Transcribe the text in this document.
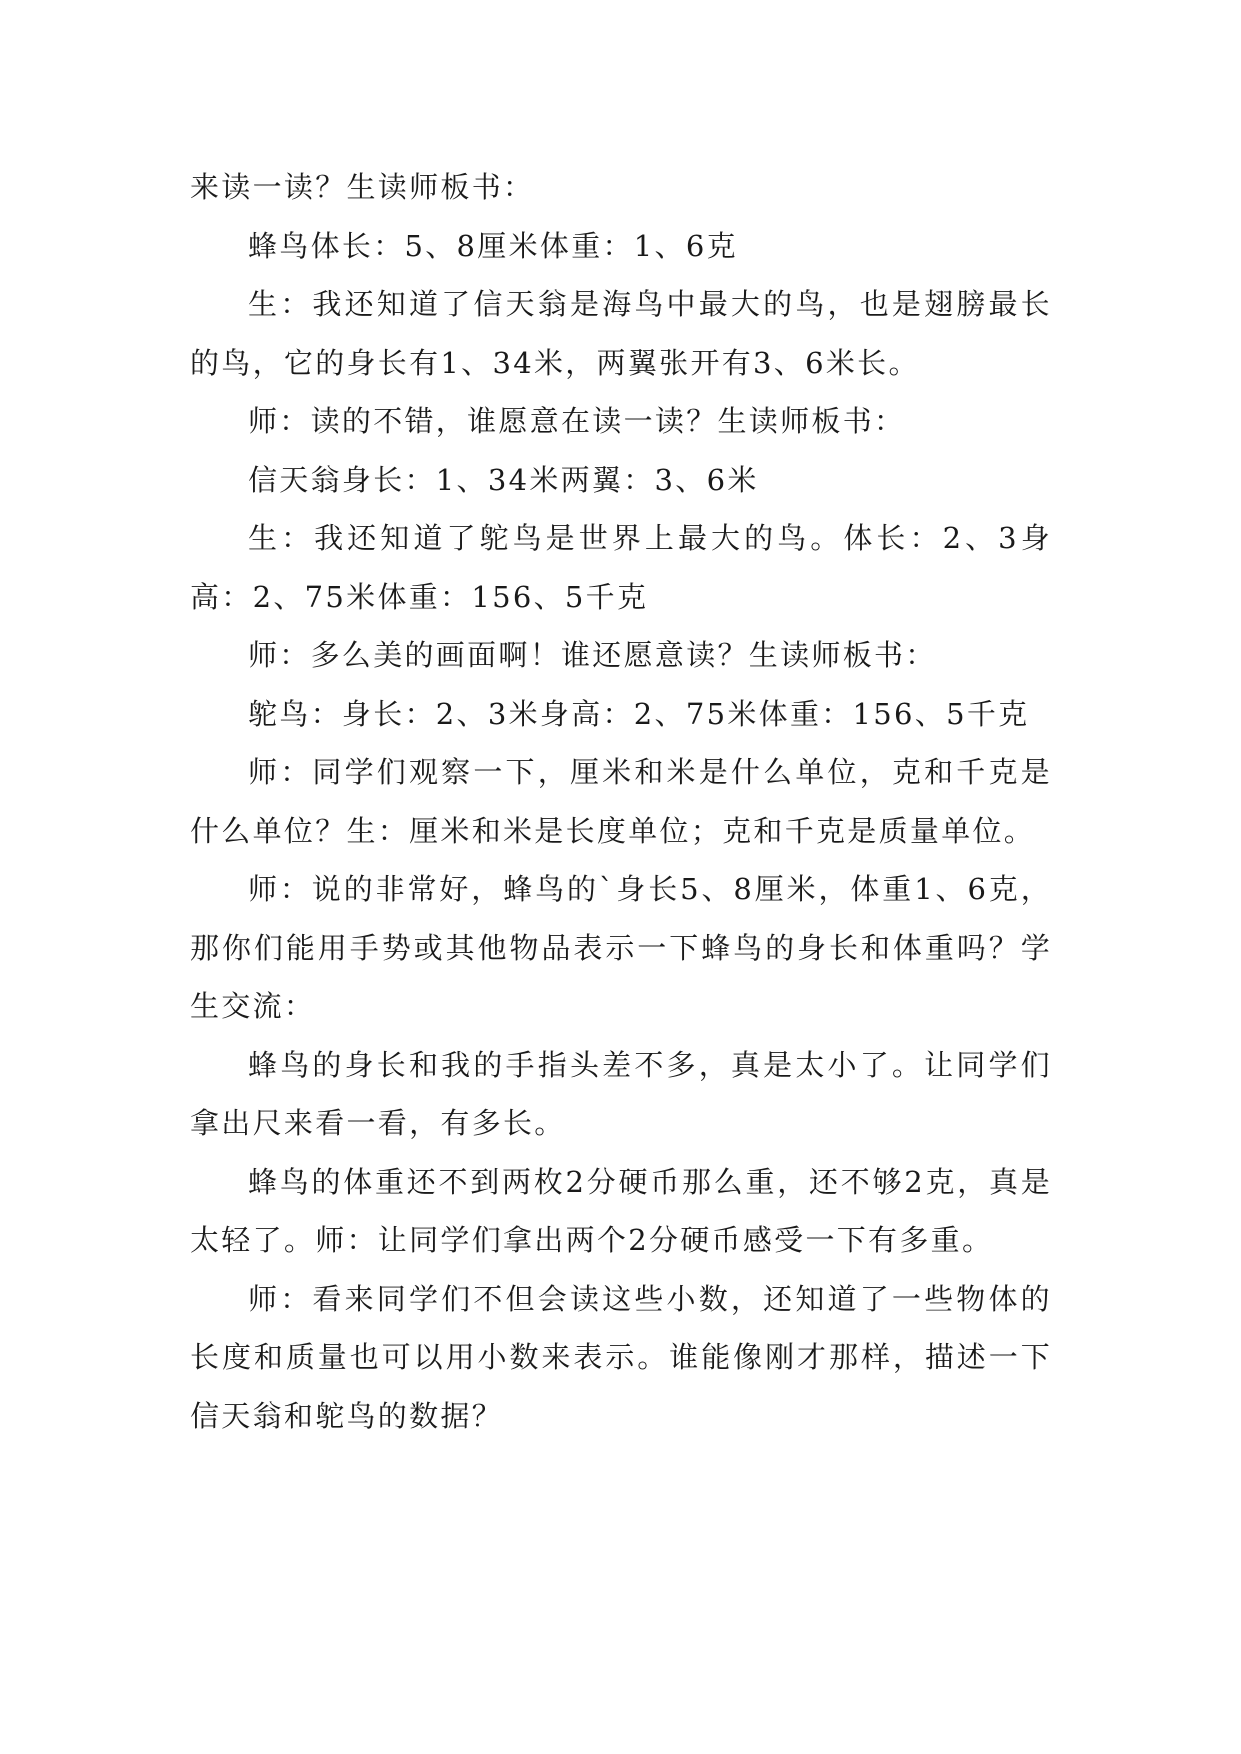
来读一读？生读师板书：

蜂鸟体长：5、8厘米体重：1、6克

生：我还知道了信天翁是海鸟中最大的鸟，也是翅膀最长的鸟，它的身长有1、34米，两翼张开有3、6米长。

师：读的不错，谁愿意在读一读？生读师板书：

信天翁身长：1、34米两翼：3、6米

生：我还知道了鸵鸟是世界上最大的鸟。体长：2、3身高：2、75米体重：156、5千克

师：多么美的画面啊！谁还愿意读？生读师板书：

鸵鸟：身长：2、3米身高：2、75米体重：156、5千克

师：同学们观察一下，厘米和米是什么单位，克和千克是什么单位？生：厘米和米是长度单位；克和千克是质量单位。

师：说的非常好，蜂鸟的`身长5、8厘米，体重1、6克，那你们能用手势或其他物品表示一下蜂鸟的身长和体重吗？学生交流：

蜂鸟的身长和我的手指头差不多，真是太小了。让同学们拿出尺来看一看，有多长。

蜂鸟的体重还不到两枚2分硬币那么重，还不够2克，真是太轻了。师：让同学们拿出两个2分硬币感受一下有多重。

师：看来同学们不但会读这些小数，还知道了一些物体的长度和质量也可以用小数来表示。谁能像刚才那样，描述一下信天翁和鸵鸟的数据？
